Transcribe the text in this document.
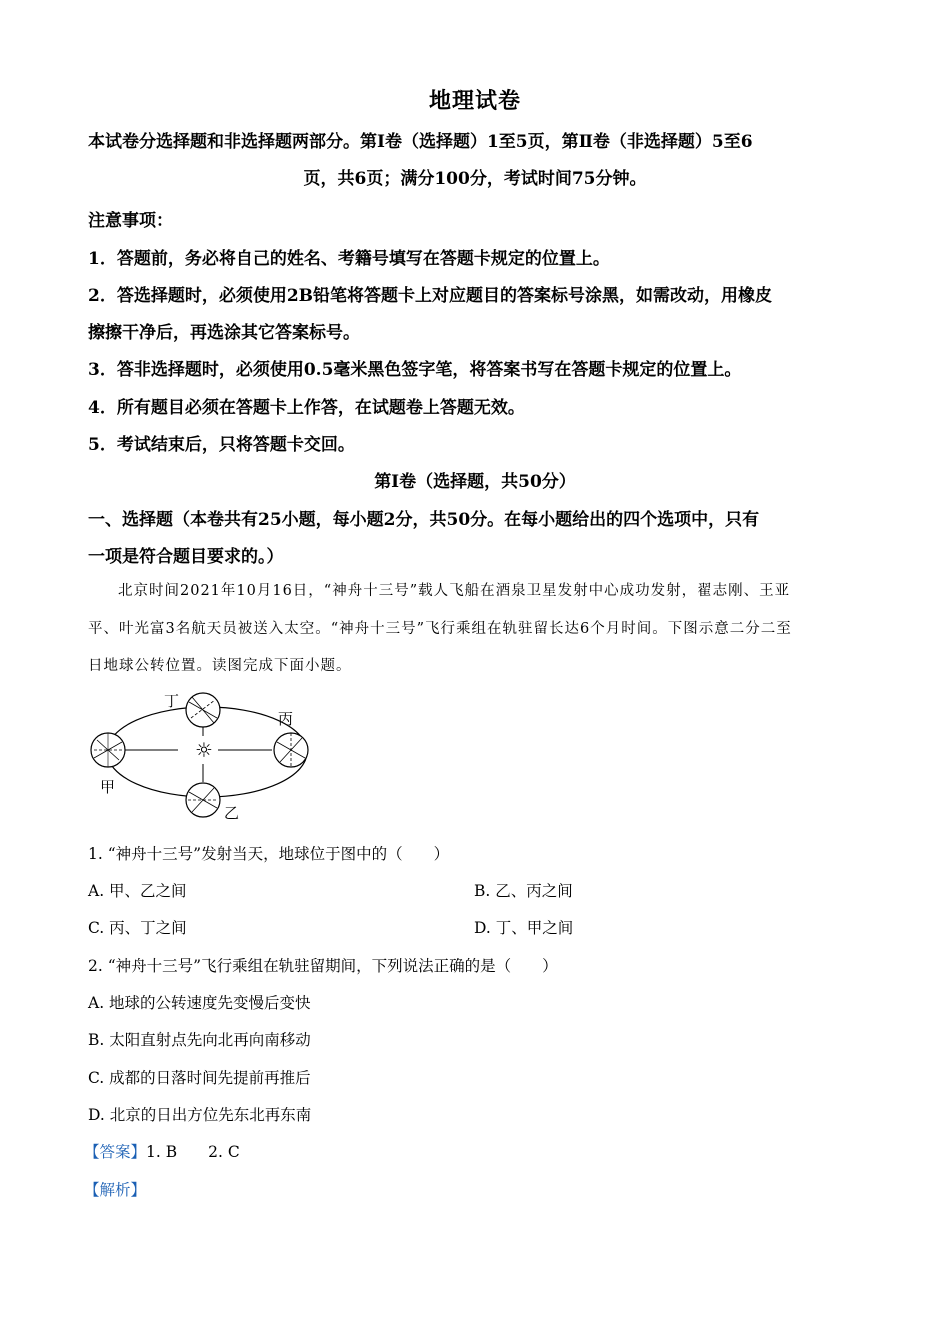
地理试卷
本试卷分选择题和非选择题两部分。第Ⅰ卷（选择题）1至5页，第Ⅱ卷（非选择题）5至6
页，共6页；满分100分，考试时间75分钟。
注意事项：
1．答题前，务必将自己的姓名、考籍号填写在答题卡规定的位置上。
2．答选择题时，必须使用2B铅笔将答题卡上对应题目的答案标号涂黑，如需改动，用橡皮
擦擦干净后，再选涂其它答案标号。
3．答非选择题时，必须使用0.5毫米黑色签字笔，将答案书写在答题卡规定的位置上。
4．所有题目必须在答题卡上作答，在试题卷上答题无效。
5．考试结束后，只将答题卡交回。
第Ⅰ卷（选择题，共50分）
一、选择题（本卷共有25小题，每小题2分，共50分。在每小题给出的四个选项中，只有
一项是符合题目要求的。）
北京时间2021年10月16日，“神舟十三号”载人飞船在酒泉卫星发射中心成功发射，翟志刚、王亚
平、叶光富3名航天员被送入太空。“神舟十三号”飞行乘组在轨驻留长达6个月时间。下图示意二分二至
日地球公转位置。读图完成下面小题。
☼
丁
丙
甲
乙
1. “神舟十三号”发射当天，地球位于图中的（　　）
A. 甲、乙之间	B. 乙、丙之间
C. 丙、丁之间	D. 丁、甲之间
2. “神舟十三号”飞行乘组在轨驻留期间，下列说法正确的是（　　）
A. 地球的公转速度先变慢后变快
B. 太阳直射点先向北再向南移动
C. 成都的日落时间先提前再推后
D. 北京的日出方位先东北再东南
【答案】1. B　　2. C
【解析】
